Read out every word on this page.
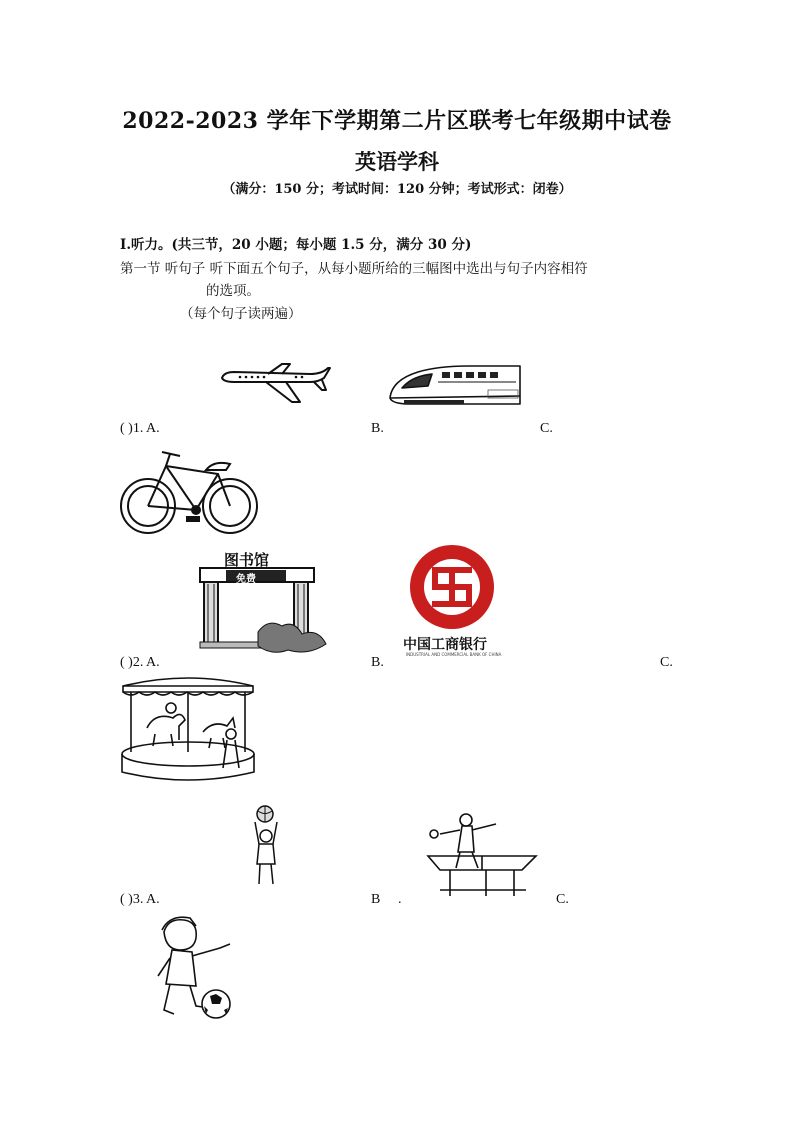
2022-2023 学年下学期第二片区联考七年级期中试卷
英语学科
（满分：150 分；考试时间：120 分钟；考试形式：闭卷）
I.听力。(共三节，20 小题；每小题 1.5 分，满分 30 分)
第一节 听句子 听下面五个句子，从每小题所给的三幅图中选出与句子内容相符
的选项。
（每个句子读两遍）
( )1. A.	B.	C.
图书馆
免费
中国工商银行
INDUSTRIAL AND COMMERCIAL BANK OF CHINA
( )2. A.	B.	C.
( )3. A.	B .	C.
